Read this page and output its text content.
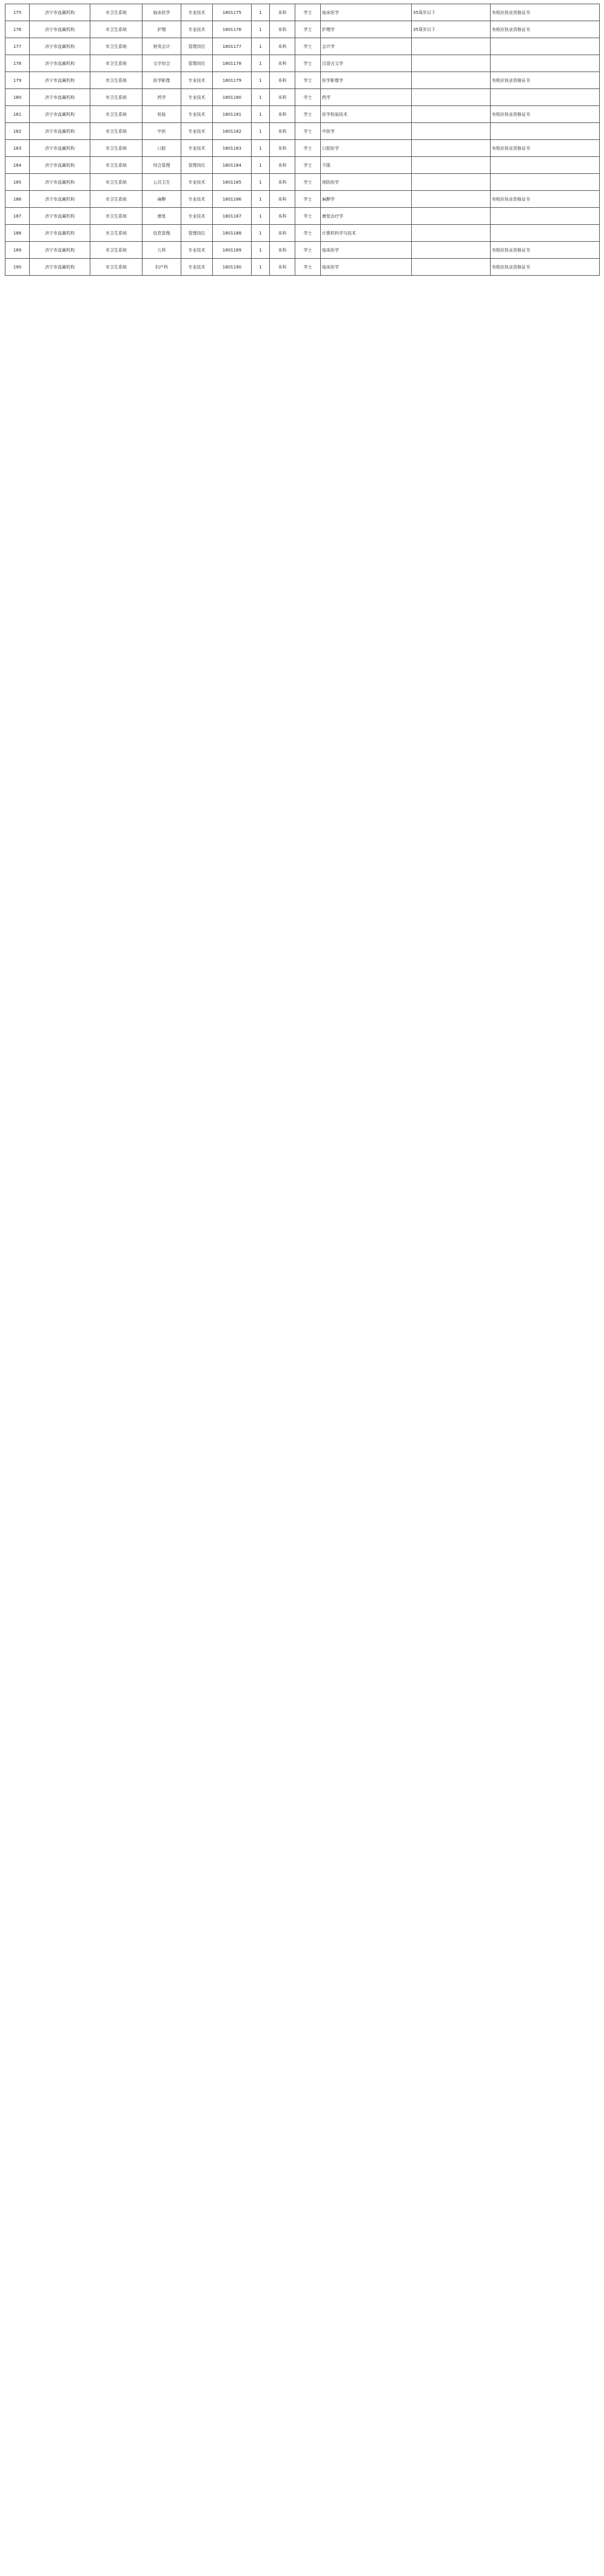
175	济宁市直属机构	市卫生系统	临床医学	专业技术	1801175	1	本科	学士	临床医学	35周岁以下	有相应执业资格证书
176	济宁市直属机构	市卫生系统	护理	专业技术	1801176	1	本科	学士	护理学	35周岁以下	有相应执业资格证书
177	济宁市直属机构	市卫生系统	财务会计	管理岗位	1801177	1	本科	学士	会计学		
178	济宁市直属机构	市卫生系统	文字综合	管理岗位	1801178	1	本科	学士	汉语言文学		
179	济宁市直属机构	市卫生系统	医学影像	专业技术	1801179	1	本科	学士	医学影像学		有相应执业资格证书
180	济宁市直属机构	市卫生系统	药学	专业技术	1801180	1	本科	学士	药学		
181	济宁市直属机构	市卫生系统	检验	专业技术	1801181	1	本科	学士	医学检验技术		有相应执业资格证书
182	济宁市直属机构	市卫生系统	中医	专业技术	1801182	1	本科	学士	中医学		
183	济宁市直属机构	市卫生系统	口腔	专业技术	1801183	1	本科	学士	口腔医学		有相应执业资格证书
184	济宁市直属机构	市卫生系统	综合管理	管理岗位	1801184	1	本科	学士	不限		
185	济宁市直属机构	市卫生系统	公共卫生	专业技术	1801185	1	本科	学士	预防医学		
186	济宁市直属机构	市卫生系统	麻醉	专业技术	1801186	1	本科	学士	麻醉学		有相应执业资格证书
187	济宁市直属机构	市卫生系统	康复	专业技术	1801187	1	本科	学士	康复治疗学		
188	济宁市直属机构	市卫生系统	信息管理	管理岗位	1801188	1	本科	学士	计算机科学与技术		
189	济宁市直属机构	市卫生系统	儿科	专业技术	1801189	1	本科	学士	临床医学		有相应执业资格证书
190	济宁市直属机构	市卫生系统	妇产科	专业技术	1801190	1	本科	学士	临床医学		有相应执业资格证书
